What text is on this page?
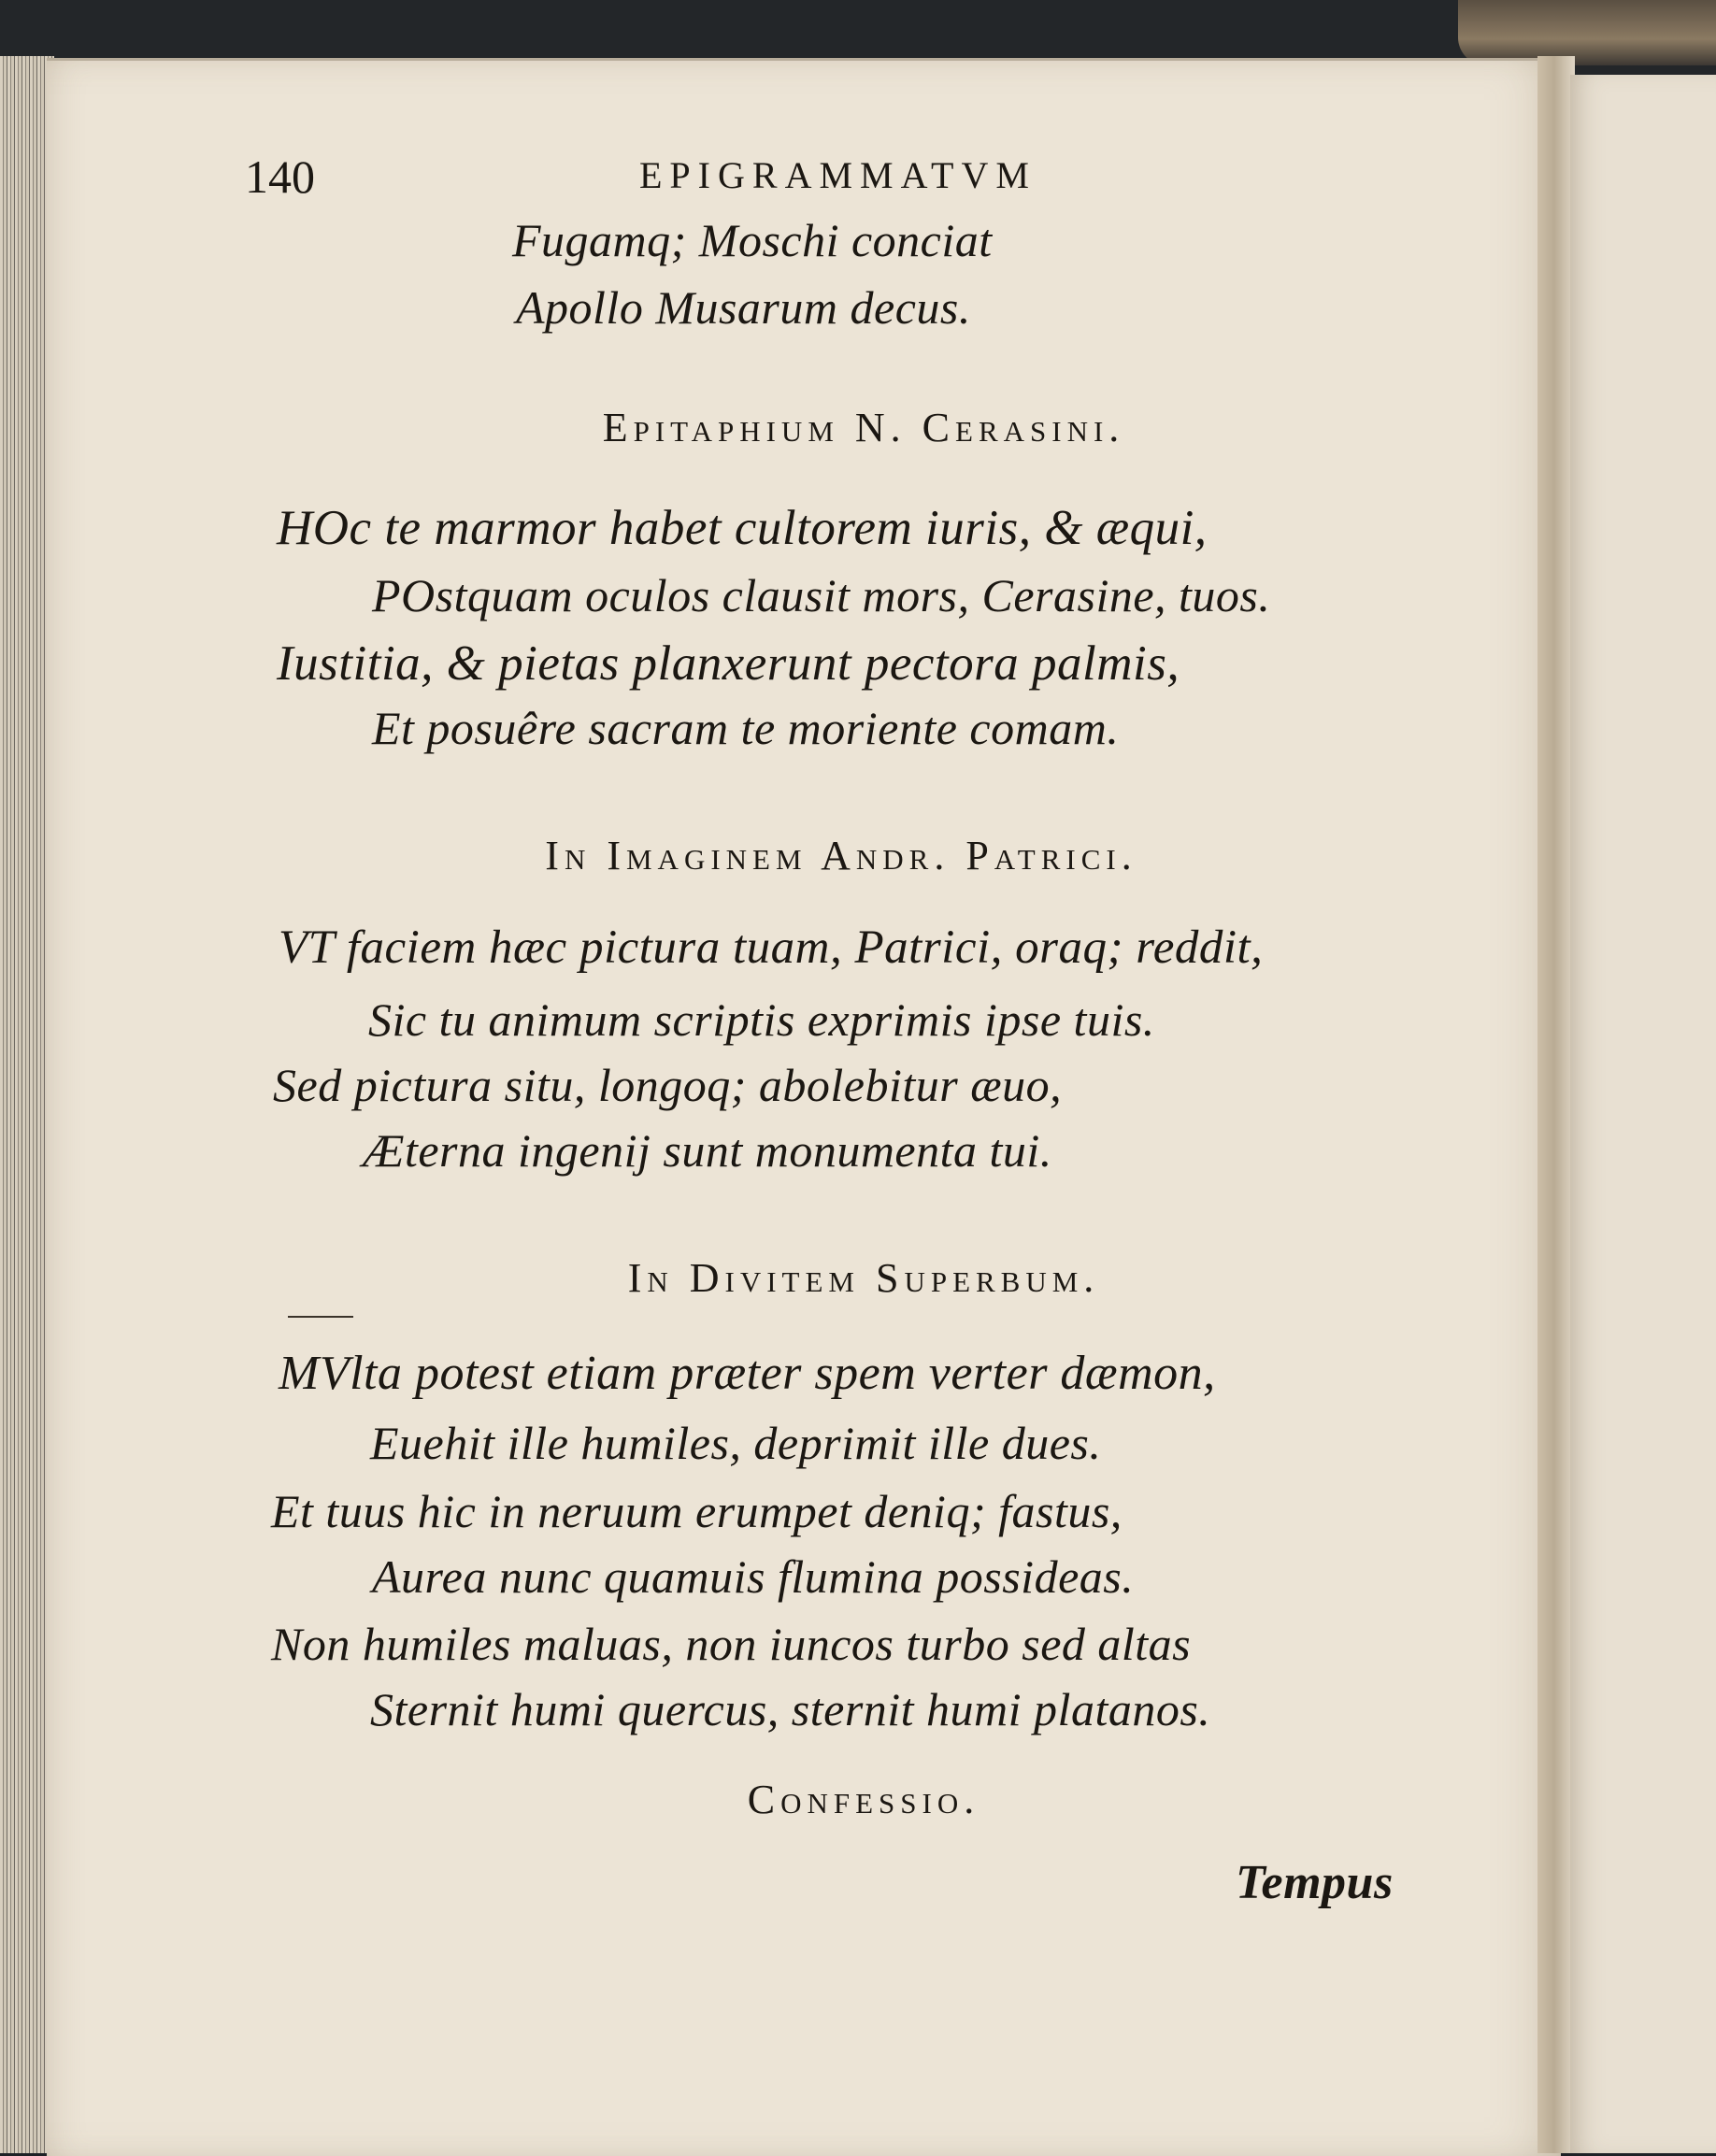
140	EPIGRAMMATVM
Fugamq; Moschi conciat
Apollo Musarum decus.
Epitaphium N. Cerasini.
HOc te marmor habet cultorem iuris, & æqui,
POstquam oculos clausit mors, Cerasine, tuos.
Iustitia, & pietas planxerunt pectora palmis,
Et posuêre sacram te moriente comam.
In Imaginem Andr. Patrici.
VT faciem hæc pictura tuam, Patrici, oraq; reddit,
Sic tu animum scriptis exprimis ipse tuis.
Sed pictura situ, longoq; abolebitur æuo,
Æterna ingenij sunt monumenta tui.
In Divitem Superbum.
MVlta potest etiam præter spem verter dæmon,
Euehit ille humiles, deprimit ille dues.
Et tuus hic in neruum erumpet deniq; fastus,
Aurea nunc quamuis flumina possideas.
Non humiles maluas, non iuncos turbo sed altas
Sternit humi quercus, sternit humi platanos.
Confessio.
Tempus
